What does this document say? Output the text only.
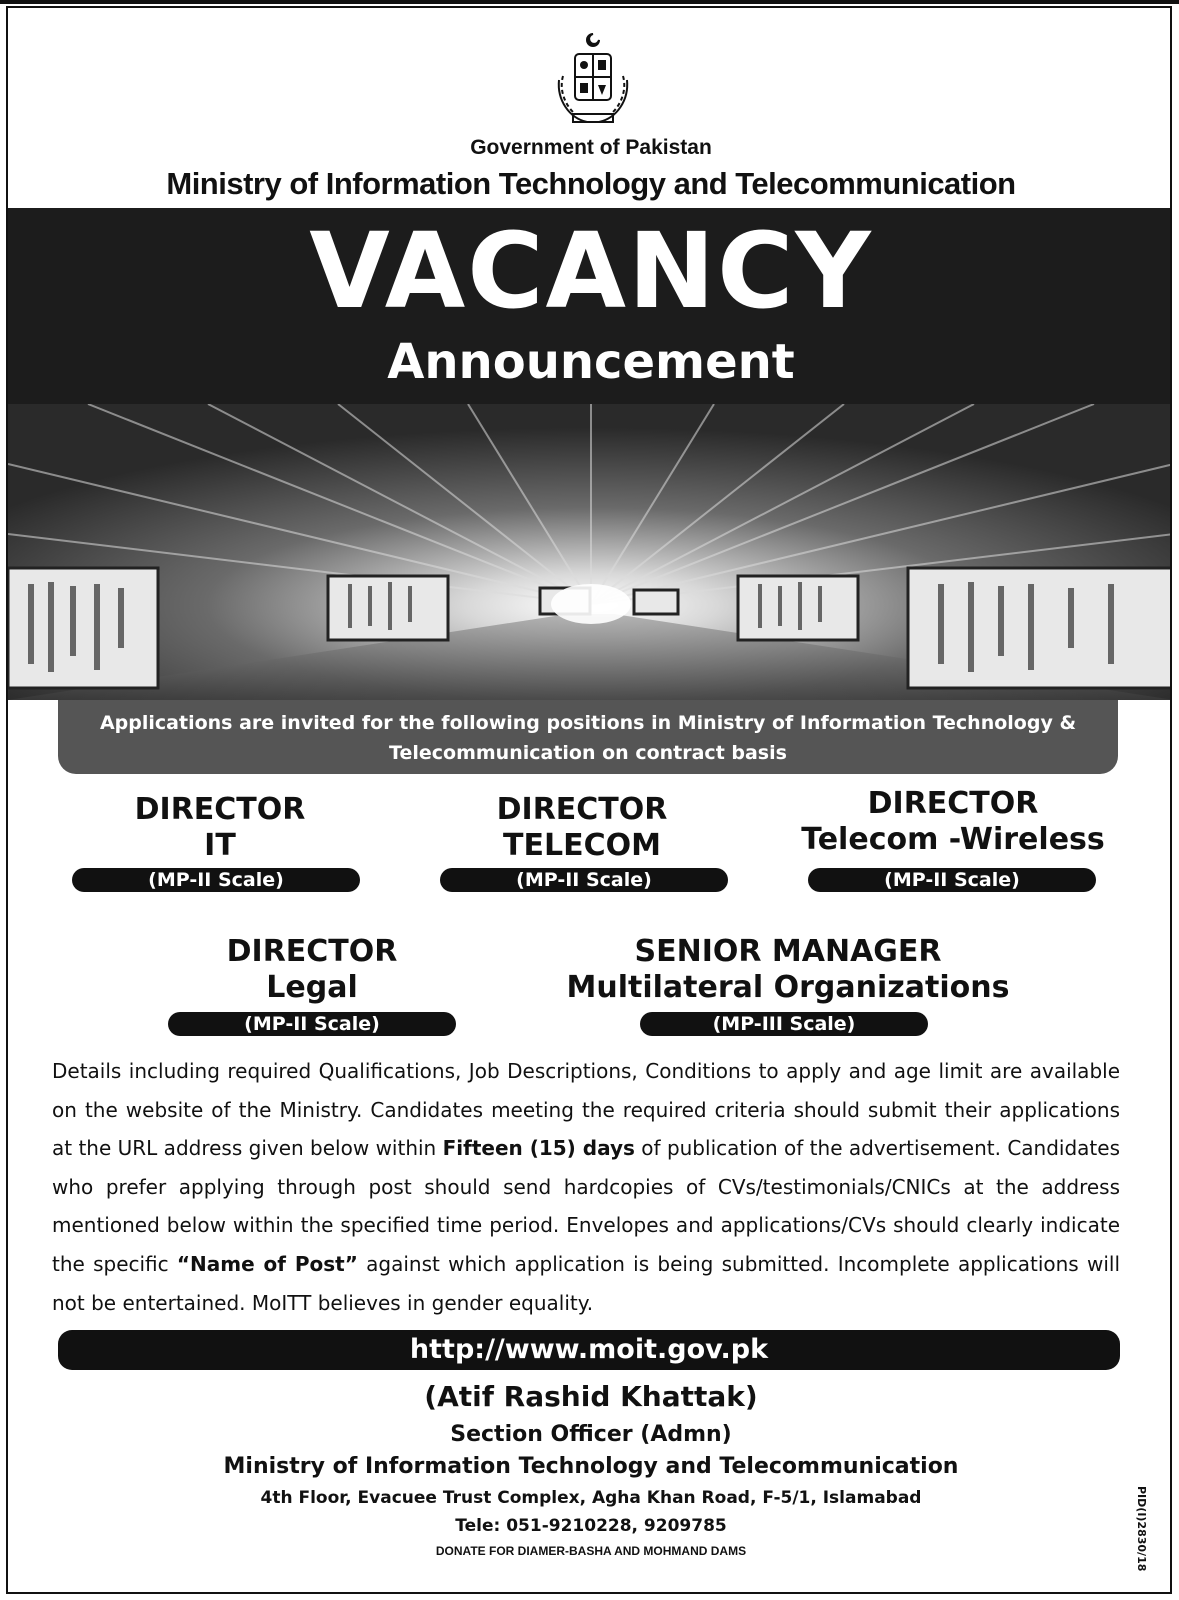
Government of Pakistan
Ministry of Information Technology and Telecommunication
VACANCY
Announcement
Applications are invited for the following positions in Ministry of Information Technology &
Telecommunication on contract basis
DIRECTOR
IT
(MP-II Scale)
DIRECTOR
TELECOM
(MP-II Scale)
DIRECTOR
Telecom -Wireless
(MP-II Scale)
DIRECTOR
Legal
(MP-II Scale)
SENIOR MANAGER
Multilateral Organizations
(MP-III Scale)

Details including required Qualifications, Job Descriptions, Conditions to apply and age limit are available on the website of the Ministry. Candidates meeting the required criteria should submit their applications at the URL address given below within Fifteen (15) days of publication of the advertisement. Candidates who prefer applying through post should send hardcopies of CVs/testimonials/CNICs at the address mentioned below within the specified time period. Envelopes and applications/CVs should clearly indicate the specific “Name of Post” against which application is being submitted. Incomplete applications will not be entertained. MoITT believes in gender equality.

http://www.moit.gov.pk
(Atif Rashid Khattak)
Section Officer (Admn)
Ministry of Information Technology and Telecommunication
4th Floor, Evacuee Trust Complex, Agha Khan Road, F-5/1, Islamabad
Tele: 051-9210228, 9209785	PID(I)2830/18
DONATE FOR DIAMER-BASHA AND MOHMAND DAMS
